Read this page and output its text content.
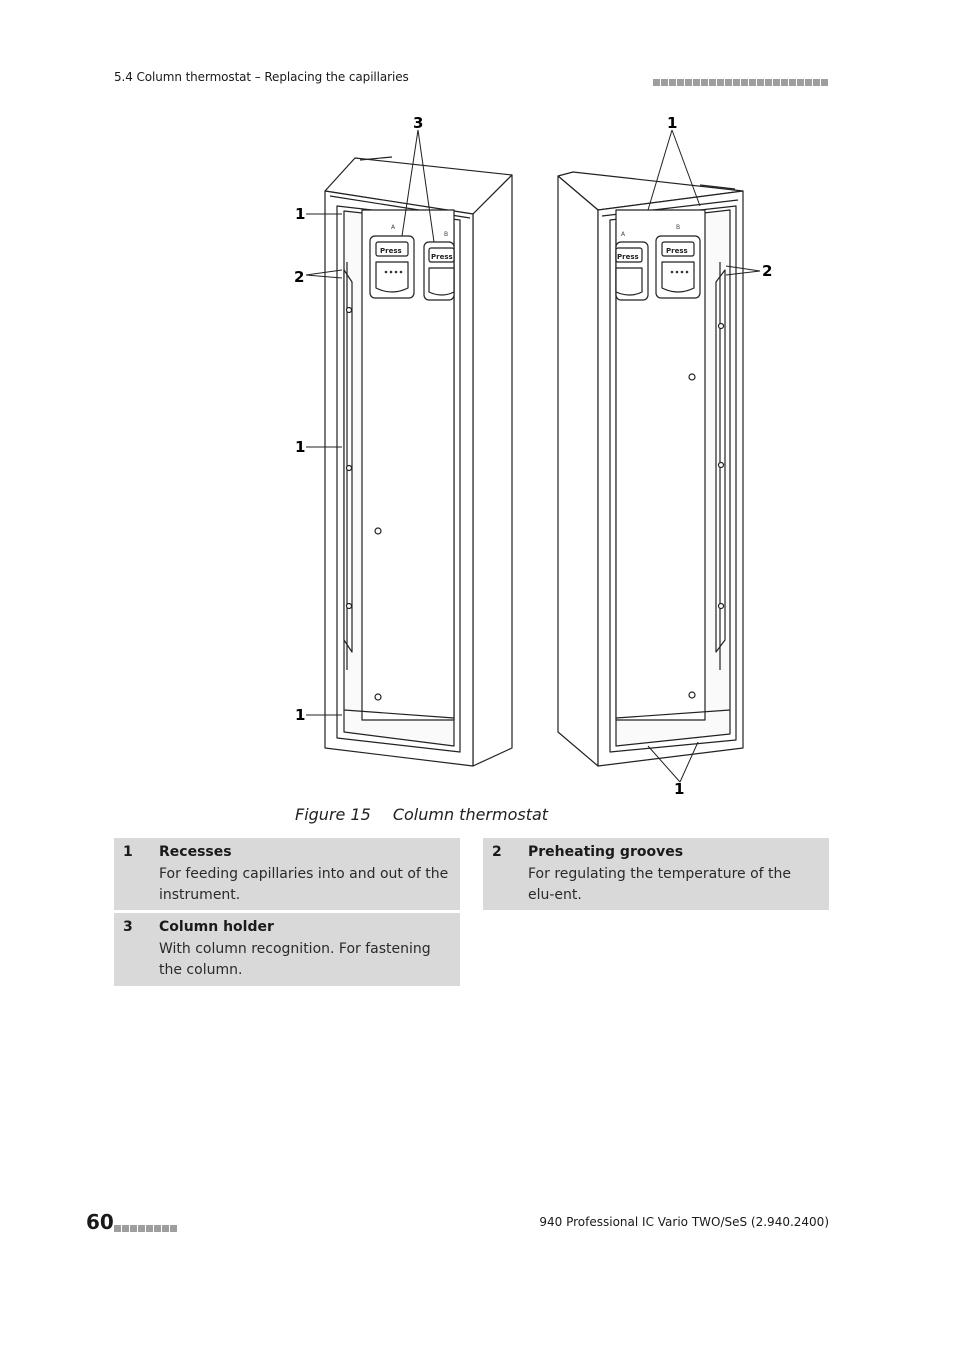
5.4 Column thermostat – Replacing the capillaries
Press
Press
Press
Press
A
B	A
B
1
1
1
2
3	1
2
1
Figure 15 Column thermostat
1 Recesses
For feeding capillaries into and out of the instrument.
2 Preheating grooves
For regulating the temperature of the elu-ent.
3 Column holder
With column recognition. For fastening the column.
60	940 Professional IC Vario TWO/SeS (2.940.2400)
